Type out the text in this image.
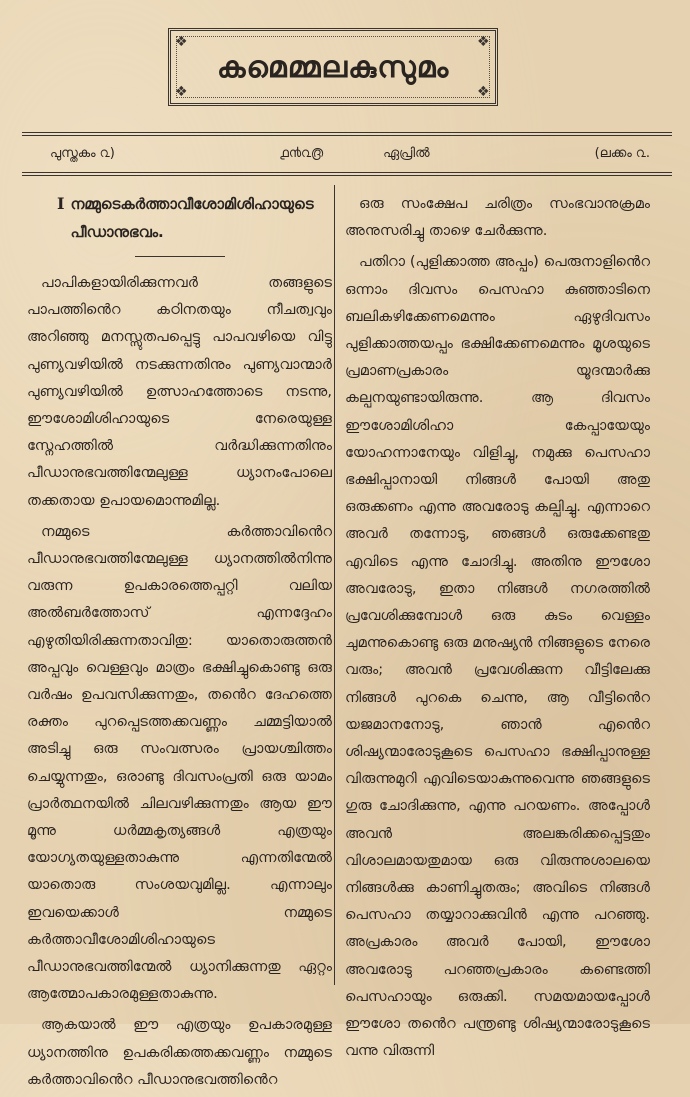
കമെമ്മലകുസുമം
❖	❖
❖	❖
പുസ്തകം ൨)	൧൯൨൫	ഏപ്രിൽ	(ലക്കം ൨.
I നമ്മുടെകർത്താവീശോമിശിഹായുടെ പീഡാനുഭവം.

പാപികളായിരിക്കുന്നവർ തങ്ങളുടെ പാപത്തിൻെറ കഠിനതയും നീചത്വവും അറിഞ്ഞു മനസ്സുതപപ്പെട്ടു പാപവഴിയെ വിട്ടു പുണ്യവഴിയിൽ നടക്കുന്നതിനും പുണ്യവാന്മാർ പുണ്യവഴിയിൽ ഉത്സാഹത്തോടെ നടന്നു, ഈശോമിശിഹായുടെ നേരെയുള്ള സ്നേഹത്തിൽ വർദ്ധിക്കുന്നതിനും പീഡാനുഭവത്തിന്മേലുള്ള ധ്യാനംപോലെ തക്കതായ ഉപായമൊന്നുമില്ല.

നമ്മുടെ കർത്താവിൻെറ പീഡാനുഭവത്തിന്മേലുള്ള ധ്യാനത്തിൽനിന്നു വരുന്ന ഉപകാരത്തെപ്പറ്റി വലിയ അൽബർത്തോസ് എന്നദ്ദേഹം എഴുതിയിരിക്കുന്നതാവിതു: യാതൊരുത്തൻ അപ്പവും വെള്ളവും മാത്രം ഭക്ഷിച്ചുകൊണ്ടു ഒരു വർഷം ഉപവസിക്കുന്നതും, തൻെറ ദേഹത്തെ രക്തം പുറപ്പെടത്തക്കവണ്ണം ചമ്മട്ടിയാൽ അടിച്ചു ഒരു സംവത്സരം പ്രായശ്ചിത്തം ചെയ്യുന്നതും, ഒരാണ്ടു ദിവസംപ്രതി ഒരു യാമം പ്രാർത്ഥനയിൽ ചിലവഴിക്കുന്നതും ആയ ഈ മൂന്നു ധർമ്മകൃത്യങ്ങൾ എത്രയും യോഗ്യതയുള്ളതാകുന്നു എന്നതിന്മേൽ യാതൊരു സംശയവുമില്ല. എന്നാലും ഇവയെക്കാൾ നമ്മുടെ കർത്താവീശോമിശിഹായുടെ പീഡാനുഭവത്തിന്മേൽ ധ്യാനിക്കുന്നതു ഏറ്റം ആത്മോപകാരമുള്ളതാകുന്നു.

ആകയാൽ ഈ എത്രയും ഉപകാരമുള്ള ധ്യാനത്തിനു ഉപകരിക്കത്തക്കവണ്ണം നമ്മുടെ കർത്താവിൻെറ പീഡാനുഭവത്തിൻെറ

ഒരു സംക്ഷേപ ചരിത്രം സംഭവാനുക്രമം അനുസരിച്ചു താഴെ ചേർക്കുന്നു.

പതിറാ (പുളിക്കാത്ത അപ്പം) പെരുനാളിൻെറ ഒന്നാം ദിവസം പെസഹാ കുഞ്ഞാടിനെ ബലികഴിക്കേണമെന്നും ഏഴുദിവസം പുളിക്കാത്തയപ്പം ഭക്ഷിക്കേണമെന്നും മൂശയുടെ പ്രമാണപ്രകാരം യൂദന്മാർക്കു കല്പനയുണ്ടായിരുന്നു. ആ ദിവസം ഈശോമിശിഹാ കേപ്പായേയും യോഹന്നാനേയും വിളിച്ചു, നമുക്കു പെസഹാ ഭക്ഷിപ്പാനായി നിങ്ങൾ പോയി അതു ഒരുക്കണം എന്നു അവരോടു കല്പിച്ചു. എന്നാറെ അവർ തന്നോടു, ഞങ്ങൾ ഒരുക്കേണ്ടതു എവിടെ എന്നു ചോദിച്ചു. അതിനു ഈശോ അവരോടു, ഇതാ നിങ്ങൾ നഗരത്തിൽ പ്രവേശിക്കുമ്പോൾ ഒരു കുടം വെള്ളം ചുമന്നുകൊണ്ടു ഒരു മനുഷ്യൻ നിങ്ങളുടെ നേരെ വരും; അവൻ പ്രവേശിക്കുന്ന വീട്ടിലേക്കു നിങ്ങൾ പുറകെ ചെന്നു, ആ വീട്ടിൻെറ യജമാനനോടു, ഞാൻ എൻെറ ശിഷ്യന്മാരോടുകൂടെ പെസഹാ ഭക്ഷിപ്പാനുള്ള വിരുന്നുമുറി എവിടെയാകുന്നുവെന്നു ഞങ്ങളുടെ ഗുരു ചോദിക്കുന്നു, എന്നു പറയണം. അപ്പോൾ അവൻ അലങ്കരിക്കപ്പെട്ടതും വിശാലമായതുമായ ഒരു വിരുന്നുശാലയെ നിങ്ങൾക്കു കാണിച്ചുതരും; അവിടെ നിങ്ങൾ പെസഹാ തയ്യാറാക്കുവിൻ എന്നു പറഞ്ഞു. അപ്രകാരം അവർ പോയി, ഈശോ അവരോടു പറഞ്ഞപ്രകാരം കണ്ടെത്തി പെസഹായും ഒരുക്കി. സമയമായപ്പോൾ ഈശോ തൻെറ പന്ത്രണ്ടു ശിഷ്യന്മാരോടുകൂടെ വന്നു വിരുന്നി
